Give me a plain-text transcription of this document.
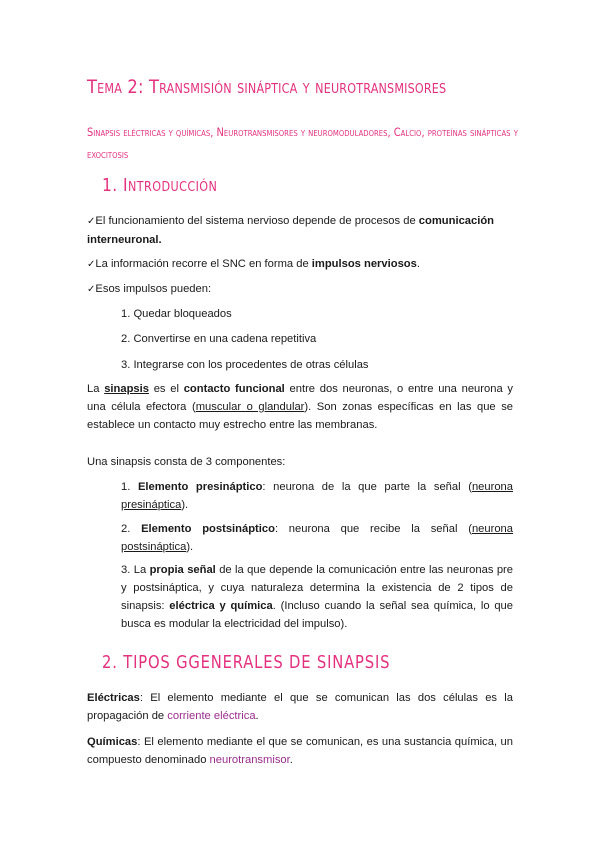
Tema 2: Transmisión sináptica y neurotransmisores
Sinapsis eléctricas y químicas, Neurotransmisores y neuromoduladores, Calcio, proteínas sinápticas y exocitosis
1. Introducción
✓El funcionamiento del sistema nervioso depende de procesos de comunicación interneuronal.
✓La información recorre el SNC en forma de impulsos nerviosos.
✓Esos impulsos pueden:
1. Quedar bloqueados
2. Convertirse en una cadena repetitiva
3. Integrarse con los procedentes de otras células
La sinapsis es el contacto funcional entre dos neuronas, o entre una neurona y una célula efectora (muscular o glandular). Son zonas específicas en las que se establece un contacto muy estrecho entre las membranas.
Una sinapsis consta de 3 componentes:
1. Elemento presináptico: neurona de la que parte la señal (neurona presináptica).
2. Elemento postsináptico: neurona que recibe la señal (neurona postsináptica).
3. La propia señal de la que depende la comunicación entre las neuronas pre y postsináptica, y cuya naturaleza determina la existencia de 2 tipos de sinapsis: eléctrica y química. (Incluso cuando la señal sea química, lo que busca es modular la electricidad del impulso).
2. TIPOS GGENERALES DE SINAPSIS
Eléctricas: El elemento mediante el que se comunican las dos células es la propagación de corriente eléctrica.
Químicas: El elemento mediante el que se comunican, es una sustancia química, un compuesto denominado neurotransmisor.
